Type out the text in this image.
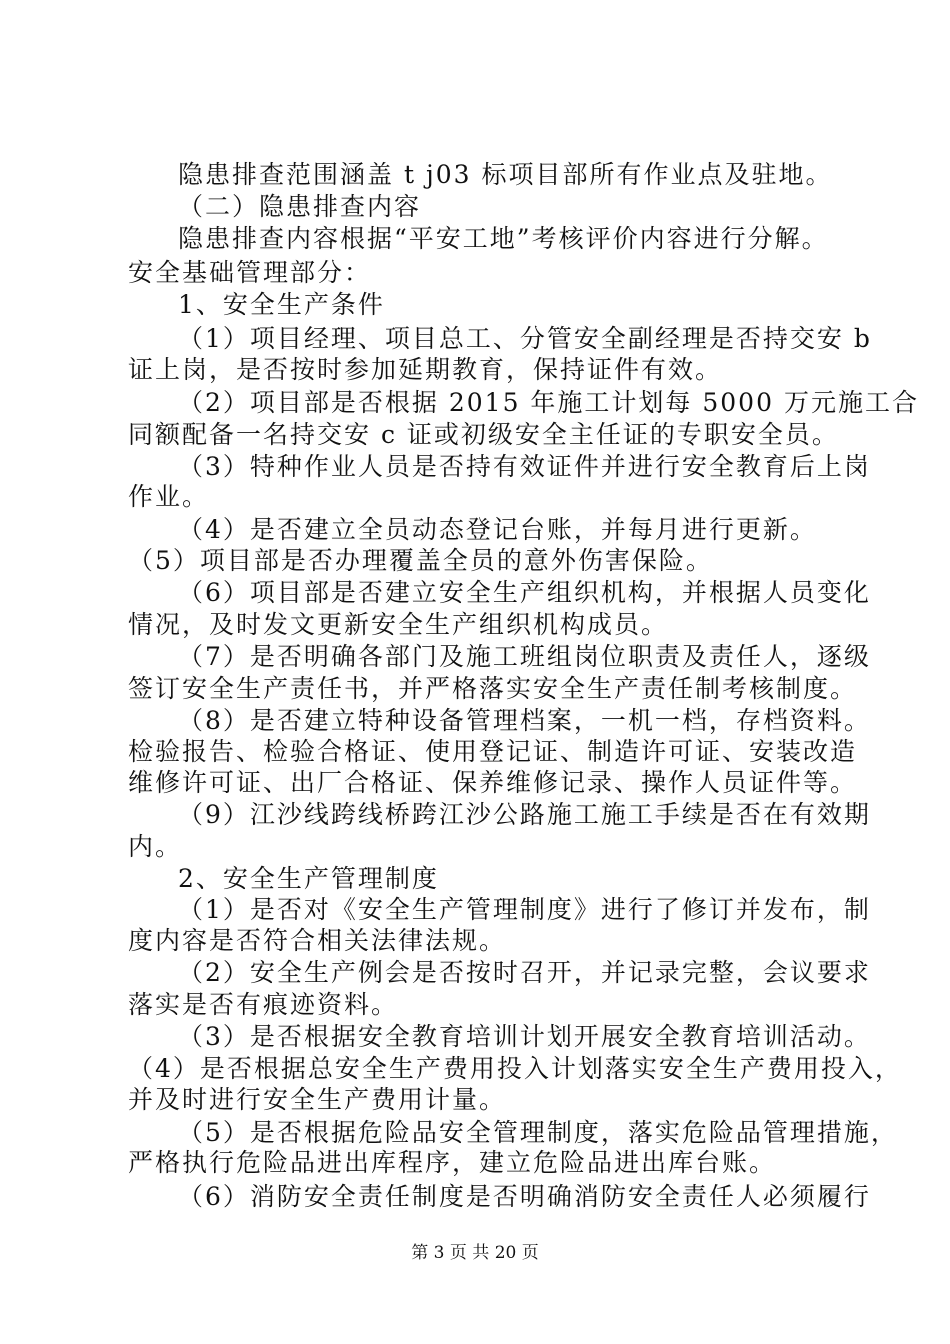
隐患排查范围涵盖 t j03 标项目部所有作业点及驻地。
（二）隐患排查内容
隐患排查内容根据“平安工地”考核评价内容进行分解。
安全基础管理部分：
1、安全生产条件
（1）项目经理、项目总工、分管安全副经理是否持交安 b
证上岗，是否按时参加延期教育，保持证件有效。
（2）项目部是否根据 2015 年施工计划每 5000 万元施工合
同额配备一名持交安 c 证或初级安全主任证的专职安全员。
（3）特种作业人员是否持有效证件并进行安全教育后上岗
作业。
（4）是否建立全员动态登记台账，并每月进行更新。
（5）项目部是否办理覆盖全员的意外伤害保险。
（6）项目部是否建立安全生产组织机构，并根据人员变化
情况，及时发文更新安全生产组织机构成员。
（7）是否明确各部门及施工班组岗位职责及责任人，逐级
签订安全生产责任书，并严格落实安全生产责任制考核制度。
（8）是否建立特种设备管理档案，一机一档，存档资料。
检验报告、检验合格证、使用登记证、制造许可证、安装改造
维修许可证、出厂合格证、保养维修记录、操作人员证件等。
（9）江沙线跨线桥跨江沙公路施工施工手续是否在有效期
内。
2、安全生产管理制度
（1）是否对《安全生产管理制度》进行了修订并发布，制
度内容是否符合相关法律法规。
（2）安全生产例会是否按时召开，并记录完整，会议要求
落实是否有痕迹资料。
（3）是否根据安全教育培训计划开展安全教育培训活动。
（4）是否根据总安全生产费用投入计划落实安全生产费用投入，
并及时进行安全生产费用计量。
（5）是否根据危险品安全管理制度，落实危险品管理措施，
严格执行危险品进出库程序，建立危险品进出库台账。
（6）消防安全责任制度是否明确消防安全责任人必须履行
第 3 页 共 20 页
